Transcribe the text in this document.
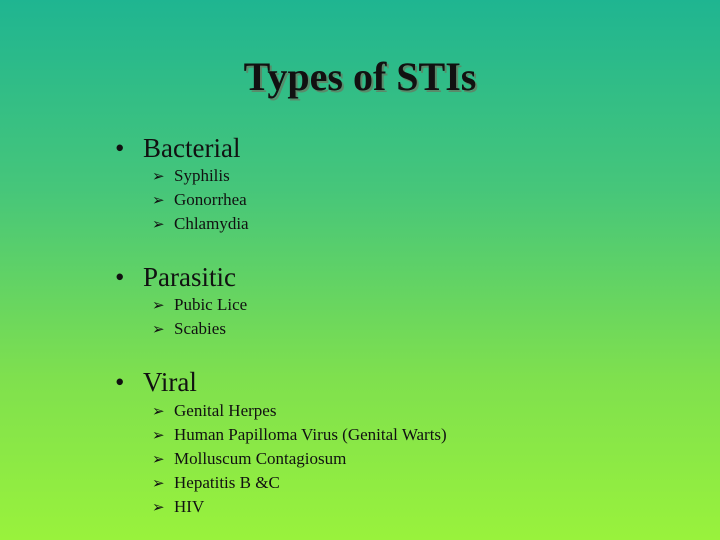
Types of STIs
• Bacterial
➢ Syphilis
➢ Gonorrhea
➢ Chlamydia
• Parasitic
➢ Pubic Lice
➢ Scabies
• Viral
➢ Genital Herpes
➢ Human Papilloma Virus (Genital Warts)
➢ Molluscum Contagiosum
➢ Hepatitis B &C
➢ HIV
